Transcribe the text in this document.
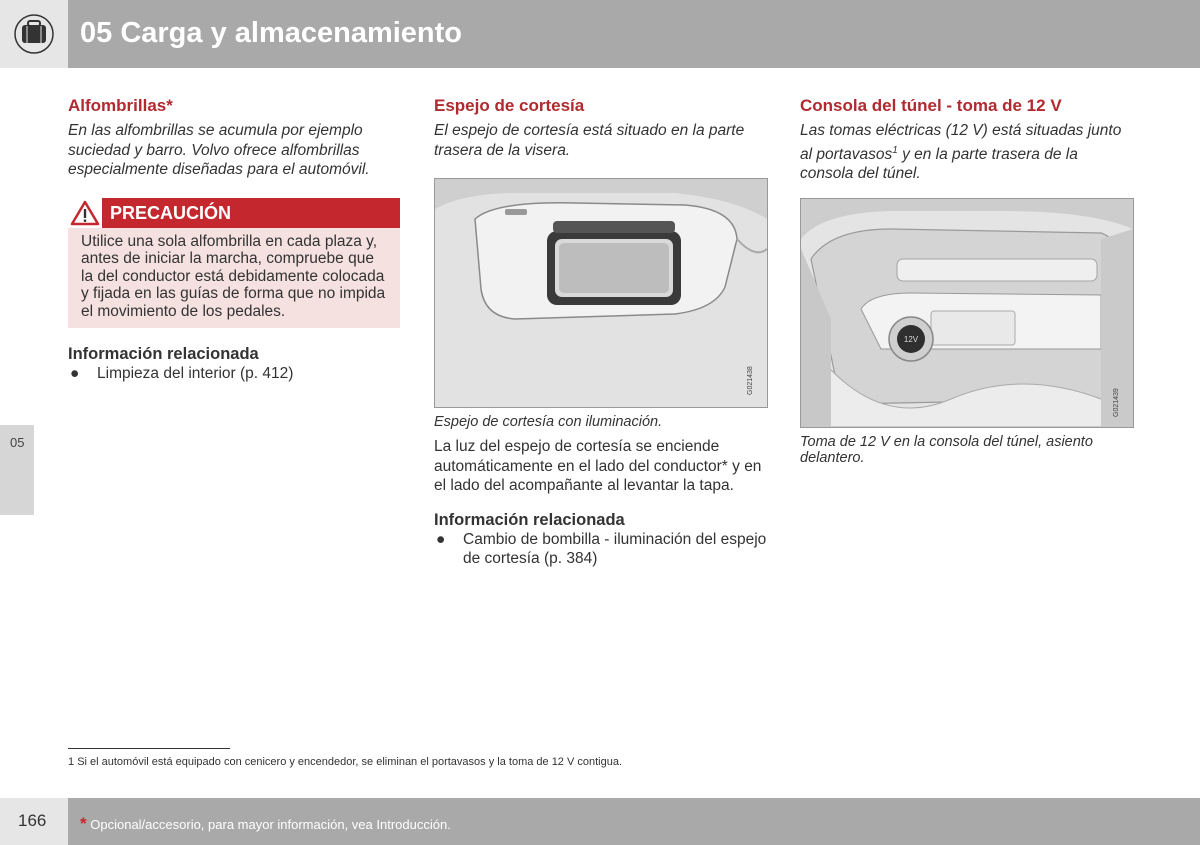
05 Carga y almacenamiento
05

Alfombrillas*

En las alfombrillas se acumula por ejemplo suciedad y barro. Volvo ofrece alfombrillas especialmente diseñadas para el automóvil.

PRECAUCIÓN
Utilice una sola alfombrilla en cada plaza y, antes de iniciar la marcha, compruebe que la del conductor está debidamente colocada y fijada en las guías de forma que no impida el movimiento de los pedales.

Información relacionada

● Limpieza del interior (p. 412)

Espejo de cortesía

El espejo de cortesía está situado en la parte trasera de la visera.

G021438

Espejo de cortesía con iluminación.

La luz del espejo de cortesía se enciende automáticamente en el lado del conductor* y en el lado del acompañante al levantar la tapa.

Información relacionada

● Cambio de bombilla - iluminación del espejo de cortesía (p. 384)

Consola del túnel - toma de 12 V

Las tomas eléctricas (12 V) está situadas junto al portavasos$^1$ y en la parte trasera de la consola del túnel.

12V
G021439

Toma de 12 V en la consola del túnel, asiento delantero.

1 Si el automóvil está equipado con cenicero y encendedor, se eliminan el portavasos y la toma de 12 V contigua.
166 * Opcional/accesorio, para mayor información, vea Introducción.
